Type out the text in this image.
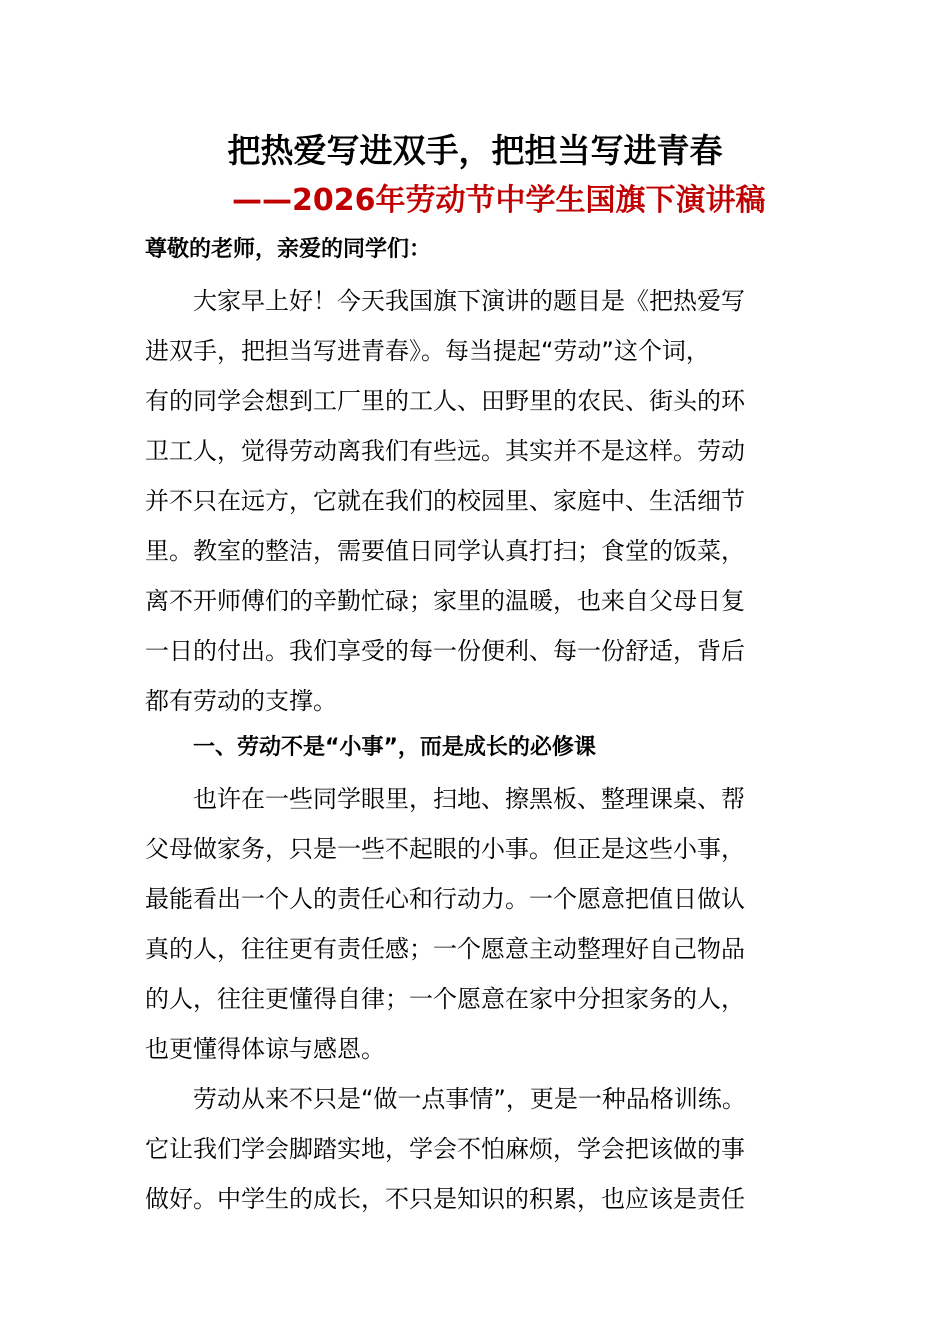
把热爱写进双手，把担当写进青春
——2026年劳动节中学生国旗下演讲稿
尊敬的老师，亲爱的同学们：
大家早上好！今天我国旗下演讲的题目是《把热爱写
进双手，把担当写进青春》。每当提起“劳动”这个词，
有的同学会想到工厂里的工人、田野里的农民、街头的环
卫工人，觉得劳动离我们有些远。其实并不是这样。劳动
并不只在远方，它就在我们的校园里、家庭中、生活细节
里。教室的整洁，需要值日同学认真打扫；食堂的饭菜，
离不开师傅们的辛勤忙碌；家里的温暖，也来自父母日复
一日的付出。我们享受的每一份便利、每一份舒适，背后
都有劳动的支撑。
一、劳动不是“小事”，而是成长的必修课
也许在一些同学眼里，扫地、擦黑板、整理课桌、帮
父母做家务，只是一些不起眼的小事。但正是这些小事，
最能看出一个人的责任心和行动力。一个愿意把值日做认
真的人，往往更有责任感；一个愿意主动整理好自己物品
的人，往往更懂得自律；一个愿意在家中分担家务的人，
也更懂得体谅与感恩。
劳动从来不只是“做一点事情”，更是一种品格训练。
它让我们学会脚踏实地，学会不怕麻烦，学会把该做的事
做好。中学生的成长，不只是知识的积累，也应该是责任
